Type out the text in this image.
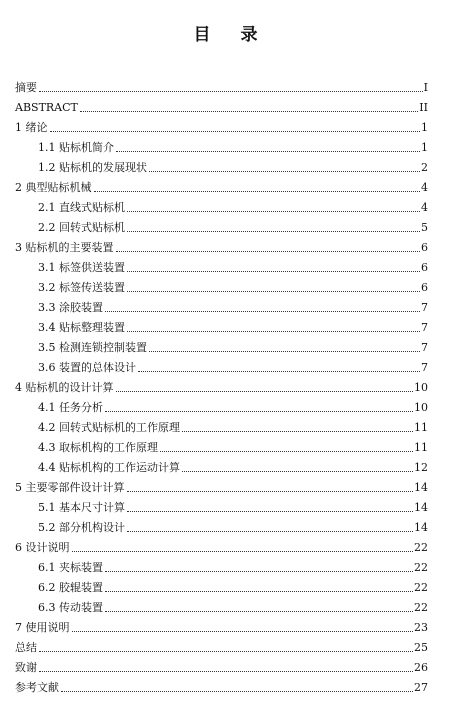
目 录
摘要	I
ABSTRACT	II
1 绪论	1
1.1 贴标机简介	1
1.2 贴标机的发展现状	2
2 典型贴标机械	4
2.1 直线式贴标机	4
2.2 回转式贴标机	5
3 贴标机的主要装置	6
3.1 标签供送装置	6
3.2 标签传送装置	6
3.3 涂胶装置	7
3.4 贴标整理装置	7
3.5 检测连锁控制装置	7
3.6 装置的总体设计	7
4 贴标机的设计计算	10
4.1 任务分析	10
4.2 回转式贴标机的工作原理	11
4.3 取标机构的工作原理	11
4.4 贴标机构的工作运动计算	12
5 主要零部件设计计算	14
5.1 基本尺寸计算	14
5.2 部分机构设计	14
6 设计说明	22
6.1 夹标装置	22
6.2 胶辊装置	22
6.3 传动装置	22
7 使用说明	23
总结	25
致谢	26
参考文献	27
